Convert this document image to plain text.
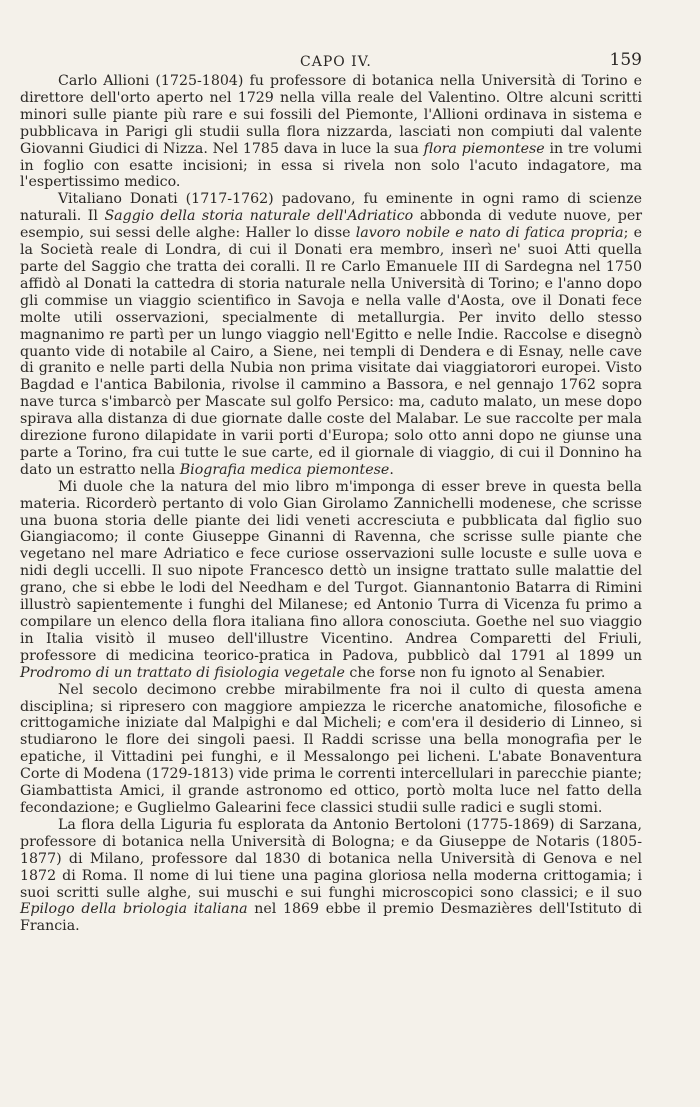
CAPO IV.	159

Carlo Allioni (1725-1804) fu professore di botanica nella Università di Torino e direttore dell'orto aperto nel 1729 nella villa reale del Valentino. Oltre alcuni scritti minori sulle piante più rare e sui fossili del Piemonte, l'Allioni ordinava in sistema e pubblicava in Parigi gli studii sulla flora nizzarda, lasciati non compiuti dal valente Giovanni Giudici di Nizza. Nel 1785 dava in luce la sua flora piemontese in tre volumi in foglio con esatte incisioni; in essa si rivela non solo l'acuto indagatore, ma l'espertissimo medico.

Vitaliano Donati (1717-1762) padovano, fu eminente in ogni ramo di scienze naturali. Il Saggio della storia naturale dell'Adriatico abbonda di vedute nuove, per esempio, sui sessi delle alghe: Haller lo disse lavoro nobile e nato di fatica propria; e la Società reale di Londra, di cui il Donati era membro, inserì ne' suoi Atti quella parte del Saggio che tratta dei coralli. Il re Carlo Emanuele III di Sardegna nel 1750 affidò al Donati la cattedra di storia naturale nella Università di Torino; e l'anno dopo gli commise un viaggio scientifico in Savoja e nella valle d'Aosta, ove il Donati fece molte utili osservazioni, specialmente di metallurgia. Per invito dello stesso magnanimo re partì per un lungo viaggio nell'Egitto e nelle Indie. Raccolse e disegnò quanto vide di notabile al Cairo, a Siene, nei templi di Dendera e di Esnay, nelle cave di granito e nelle parti della Nubia non prima visitate dai viaggiatorori europei. Visto Bagdad e l'antica Babilonia, rivolse il cammino a Bassora, e nel gennajo 1762 sopra nave turca s'imbarcò per Mascate sul golfo Persico: ma, caduto malato, un mese dopo spirava alla distanza di due giornate dalle coste del Malabar. Le sue raccolte per mala direzione furono dilapidate in varii porti d'Europa; solo otto anni dopo ne giunse una parte a Torino, fra cui tutte le sue carte, ed il giornale di viaggio, di cui il Donnino ha dato un estratto nella Biografia medica piemontese.

Mi duole che la natura del mio libro m'imponga di esser breve in questa bella materia. Ricorderò pertanto di volo Gian Girolamo Zannichelli modenese, che scrisse una buona storia delle piante dei lidi veneti accresciuta e pubblicata dal figlio suo Giangiacomo; il conte Giuseppe Ginanni di Ravenna, che scrisse sulle piante che vegetano nel mare Adriatico e fece curiose osservazioni sulle locuste e sulle uova e nidi degli uccelli. Il suo nipote Francesco dettò un insigne trattato sulle malattie del grano, che si ebbe le lodi del Needham e del Turgot. Giannantonio Batarra di Rimini illustrò sapientemente i funghi del Milanese; ed Antonio Turra di Vicenza fu primo a compilare un elenco della flora italiana fino allora conosciuta. Goethe nel suo viaggio in Italia visitò il museo dell'illustre Vicentino. Andrea Comparetti del Friuli, professore di medicina teorico-pratica in Padova, pubblicò dal 1791 al 1899 un Prodromo di un trattato di fisiologia vegetale che forse non fu ignoto al Senabier.

Nel secolo decimono crebbe mirabilmente fra noi il culto di questa amena disciplina; si ripresero con maggiore ampiezza le ricerche anatomiche, filosofiche e crittogamiche iniziate dal Malpighi e dal Micheli; e com'era il desiderio di Linneo, si studiarono le flore dei singoli paesi. Il Raddi scrisse una bella monografia per le epatiche, il Vittadini pei funghi, e il Messalongo pei licheni. L'abate Bonaventura Corte di Modena (1729-1813) vide prima le correnti intercellulari in parecchie piante; Giambattista Amici, il grande astronomo ed ottico, portò molta luce nel fatto della fecondazione; e Guglielmo Galearini fece classici studii sulle radici e sugli stomi.

La flora della Liguria fu esplorata da Antonio Bertoloni (1775-1869) di Sarzana, professore di botanica nella Università di Bologna; e da Giuseppe de Notaris (1805-1877) di Milano, professore dal 1830 di botanica nella Università di Genova e nel 1872 di Roma. Il nome di lui tiene una pagina gloriosa nella moderna crittogamia; i suoi scritti sulle alghe, sui muschi e sui funghi microscopici sono classici; e il suo Epilogo della briologia italiana nel 1869 ebbe il premio Desmazières dell'Istituto di Francia.
